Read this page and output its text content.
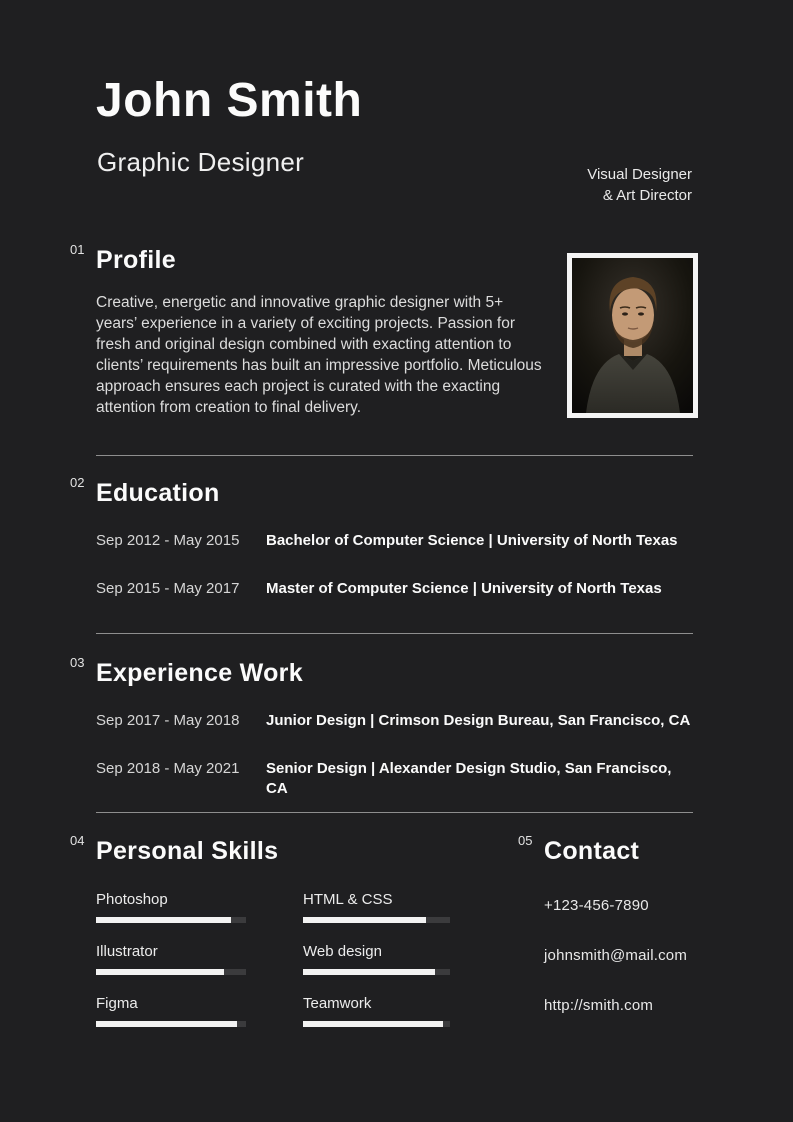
John Smith
Graphic Designer	Visual Designer
& Art Director
01 Profile

Creative, energetic and innovative graphic designer with 5+ years’ experience in a variety of exciting projects. Passion for fresh and original design combined with exacting attention to clients’ requirements has built an impressive portfolio. Meticulous approach ensures each project is curated with the exacting attention from creation to final delivery.

02 Education
Sep 2012 - May 2015	Bachelor of Computer Science | University of North Texas
Sep 2015 - May 2017	Master of Computer Science | University of North Texas
03 Experience Work
Sep 2017 - May 2018	Junior Design | Crimson Design Bureau, San Francisco, CA
Sep 2018 - May 2021	Senior Design | Alexander Design Studio, San Francisco, CA
04 Personal Skills
Photoshop	HTML & CSS
Illustrator	Web design
Figma	Teamwork
05 Contact
+123-456-7890
johnsmith@mail.com
http://smith.com
